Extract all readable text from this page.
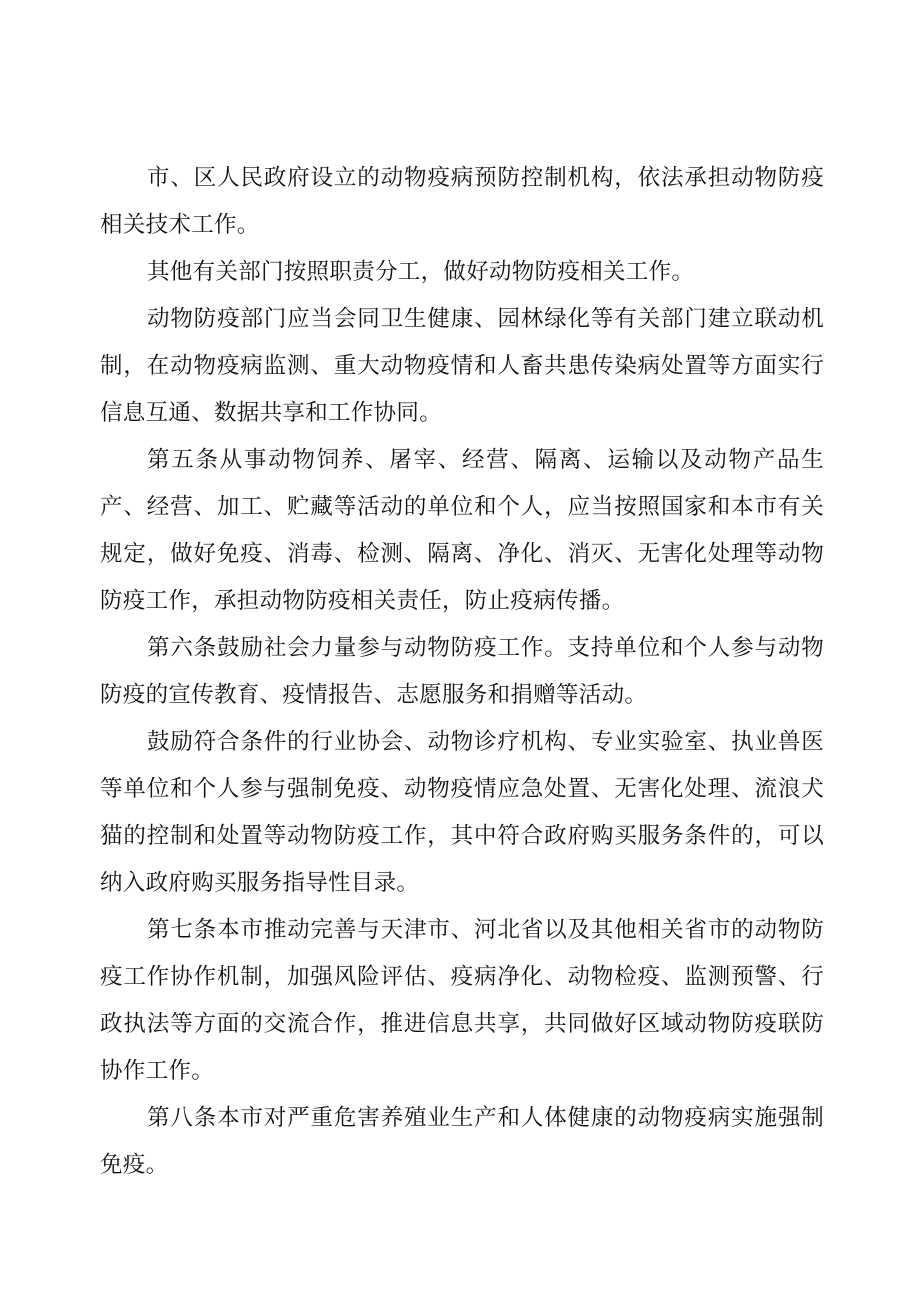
市、区人民政府设立的动物疫病预防控制机构，依法承担动物防疫相关技术工作。

其他有关部门按照职责分工，做好动物防疫相关工作。

动物防疫部门应当会同卫生健康、园林绿化等有关部门建立联动机制，在动物疫病监测、重大动物疫情和人畜共患传染病处置等方面实行信息互通、数据共享和工作协同。

第五条从事动物饲养、屠宰、经营、隔离、运输以及动物产品生产、经营、加工、贮藏等活动的单位和个人，应当按照国家和本市有关规定，做好免疫、消毒、检测、隔离、净化、消灭、无害化处理等动物防疫工作，承担动物防疫相关责任，防止疫病传播。

第六条鼓励社会力量参与动物防疫工作。支持单位和个人参与动物防疫的宣传教育、疫情报告、志愿服务和捐赠等活动。

鼓励符合条件的行业协会、动物诊疗机构、专业实验室、执业兽医等单位和个人参与强制免疫、动物疫情应急处置、无害化处理、流浪犬猫的控制和处置等动物防疫工作，其中符合政府购买服务条件的，可以纳入政府购买服务指导性目录。

第七条本市推动完善与天津市、河北省以及其他相关省市的动物防疫工作协作机制，加强风险评估、疫病净化、动物检疫、监测预警、行政执法等方面的交流合作，推进信息共享，共同做好区域动物防疫联防协作工作。

第八条本市对严重危害养殖业生产和人体健康的动物疫病实施强制免疫。
